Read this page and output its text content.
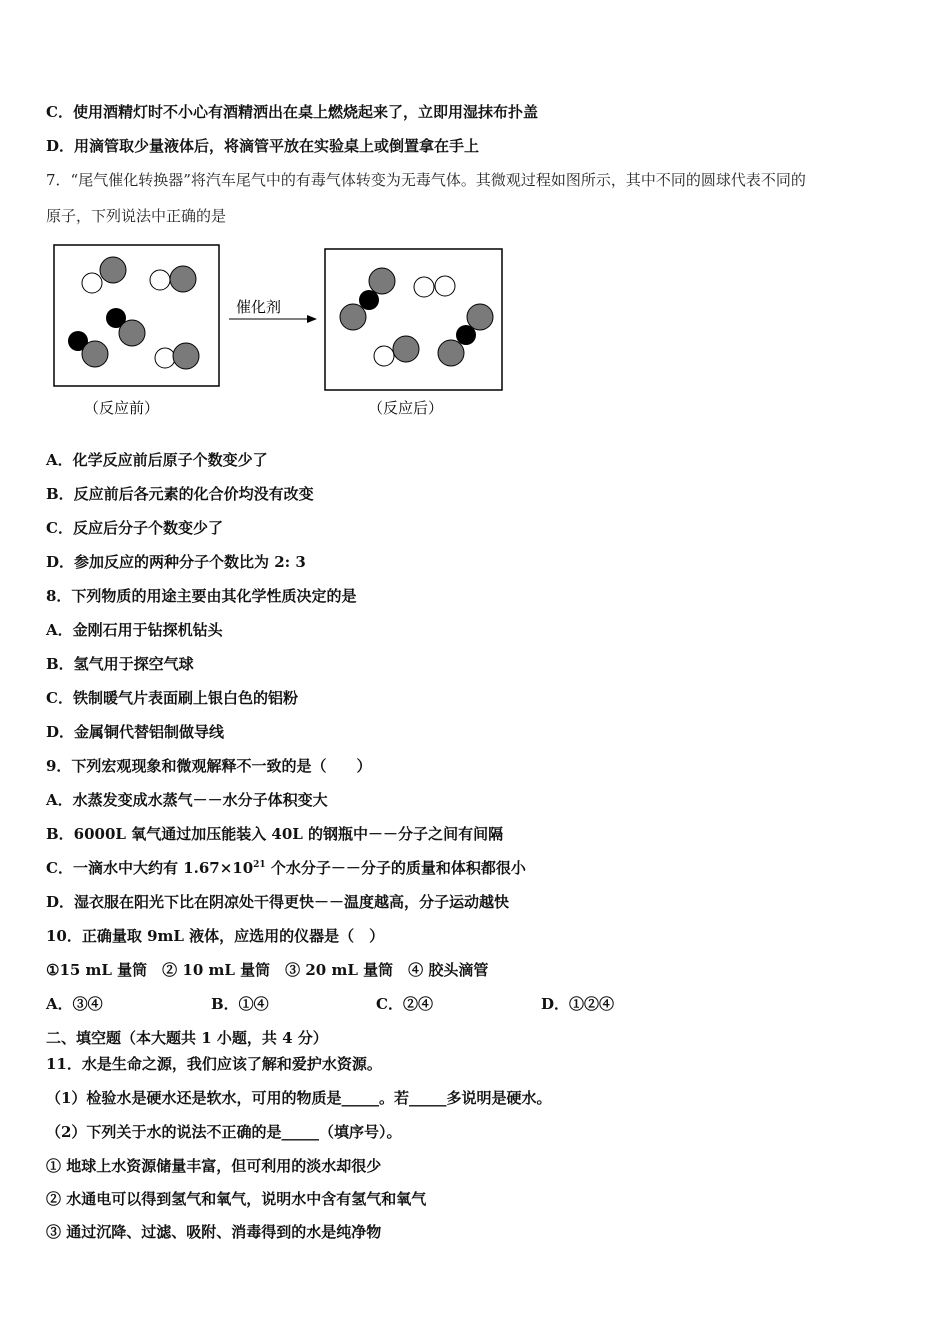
C．使用酒精灯时不小心有酒精洒出在桌上燃烧起来了，立即用湿抹布扑盖
D．用滴管取少量液体后，将滴管平放在实验桌上或倒置拿在手上
7．“尾气催化转换器”将汽车尾气中的有毒气体转变为无毒气体。其微观过程如图所示，其中不同的圆球代表不同的
原子，下列说法中正确的是
催化剂
（反应前）	（反应后）
A．化学反应前后原子个数变少了
B．反应前后各元素的化合价均没有改变
C．反应后分子个数变少了
D．参加反应的两种分子个数比为 2: 3
8．下列物质的用途主要由其化学性质决定的是
A．金刚石用于钻探机钻头
B．氢气用于探空气球
C．铁制暖气片表面刷上银白色的铝粉
D．金属铜代替铝制做导线
9．下列宏观现象和微观解释不一致的是（　　）
A．水蒸发变成水蒸气－－水分子体积变大
B．6000L 氧气通过加压能装入 40L 的钢瓶中－－分子之间有间隔
C．一滴水中大约有 $1.67\times 10^{21}$ 个水分子－－分子的质量和体积都很小
D．湿衣服在阳光下比在阴凉处干得更快－－温度越高，分子运动越快
10．正确量取 9mL 液体，应选用的仪器是（　）
①15 mL 量筒　② 10 mL 量筒　③ 20 mL 量筒　④ 胶头滴管
A．③④	B．①④	C．②④	D．①②④
二、填空题（本大题共 1 小题，共 4 分）
11．水是生命之源，我们应该了解和爱护水资源。
（1）检验水是硬水还是软水，可用的物质是_____。若_____多说明是硬水。
（2）下列关于水的说法不正确的是_____（填序号）。
① 地球上水资源储量丰富，但可利用的淡水却很少
② 水通电可以得到氢气和氧气，说明水中含有氢气和氧气
③ 通过沉降、过滤、吸附、消毒得到的水是纯净物
